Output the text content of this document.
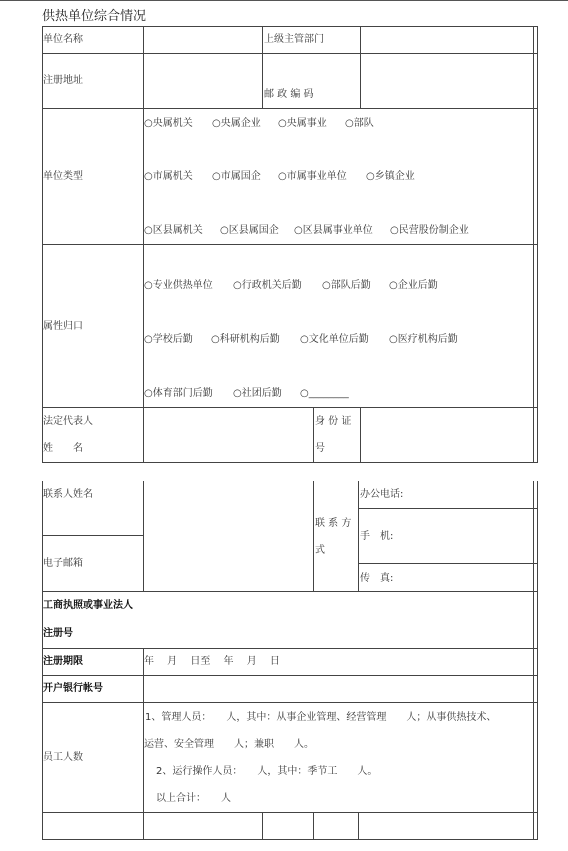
供热单位综合情况
单位名称	上级主管部门
注册地址
邮 政 编 码
单位类型
○央属机关 ○央属企业 ○央属事业 ○部队
○市属机关 ○市属国企 ○市属事业单位 ○乡镇企业
○区县属机关 ○区县属国企 ○区县属事业单位 ○民营股份制企业
属性归口
○专业供热单位 ○行政机关后勤 ○部队后勤 ○企业后勤
○学校后勤 ○科研机构后勤 ○文化单位后勤 ○医疗机构后勤
○体育部门后勤 ○社团后勤 ○________
法定代表人
姓　　名
身 份 证
号
联系人姓名
电子邮箱
联 系 方
式
办公电话:
手　机:
传　真:
工商执照或事业法人
注册号
注册期限	年　 月　 日至　 年　 月　 日
开户银行帐号
员工人数
1、管理人员：　　人，其中：从事企业管理、经营管理　　人；从事供热技术、
运营、安全管理　　人；兼职　　人。
2、运行操作人员：　　人，其中：季节工　　人。
以上合计：　　人
